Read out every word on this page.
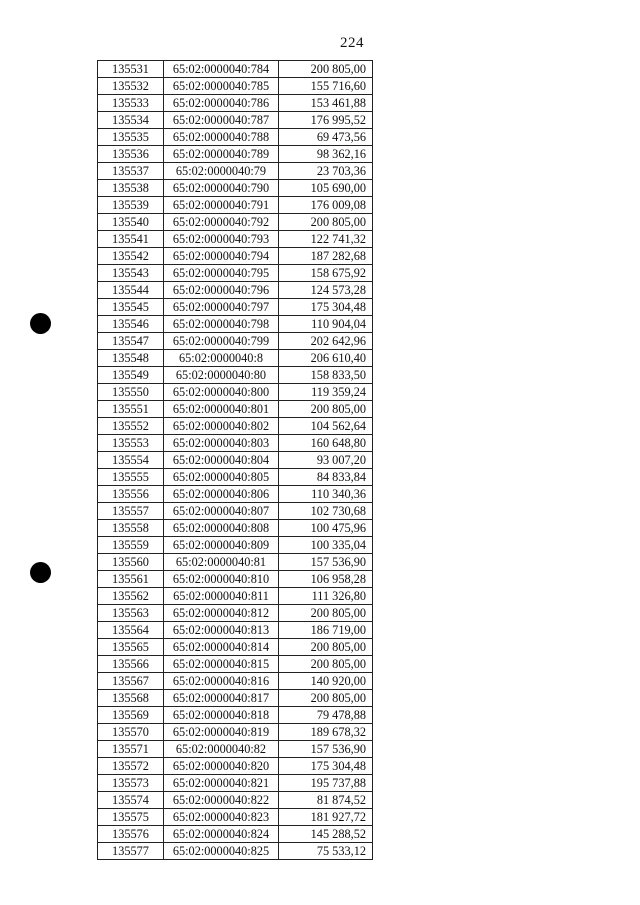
224
135531	65:02:0000040:784	200 805,00
135532	65:02:0000040:785	155 716,60
135533	65:02:0000040:786	153 461,88
135534	65:02:0000040:787	176 995,52
135535	65:02:0000040:788	69 473,56
135536	65:02:0000040:789	98 362,16
135537	65:02:0000040:79	23 703,36
135538	65:02:0000040:790	105 690,00
135539	65:02:0000040:791	176 009,08
135540	65:02:0000040:792	200 805,00
135541	65:02:0000040:793	122 741,32
135542	65:02:0000040:794	187 282,68
135543	65:02:0000040:795	158 675,92
135544	65:02:0000040:796	124 573,28
135545	65:02:0000040:797	175 304,48
135546	65:02:0000040:798	110 904,04
135547	65:02:0000040:799	202 642,96
135548	65:02:0000040:8	206 610,40
135549	65:02:0000040:80	158 833,50
135550	65:02:0000040:800	119 359,24
135551	65:02:0000040:801	200 805,00
135552	65:02:0000040:802	104 562,64
135553	65:02:0000040:803	160 648,80
135554	65:02:0000040:804	93 007,20
135555	65:02:0000040:805	84 833,84
135556	65:02:0000040:806	110 340,36
135557	65:02:0000040:807	102 730,68
135558	65:02:0000040:808	100 475,96
135559	65:02:0000040:809	100 335,04
135560	65:02:0000040:81	157 536,90
135561	65:02:0000040:810	106 958,28
135562	65:02:0000040:811	111 326,80
135563	65:02:0000040:812	200 805,00
135564	65:02:0000040:813	186 719,00
135565	65:02:0000040:814	200 805,00
135566	65:02:0000040:815	200 805,00
135567	65:02:0000040:816	140 920,00
135568	65:02:0000040:817	200 805,00
135569	65:02:0000040:818	79 478,88
135570	65:02:0000040:819	189 678,32
135571	65:02:0000040:82	157 536,90
135572	65:02:0000040:820	175 304,48
135573	65:02:0000040:821	195 737,88
135574	65:02:0000040:822	81 874,52
135575	65:02:0000040:823	181 927,72
135576	65:02:0000040:824	145 288,52
135577	65:02:0000040:825	75 533,12
